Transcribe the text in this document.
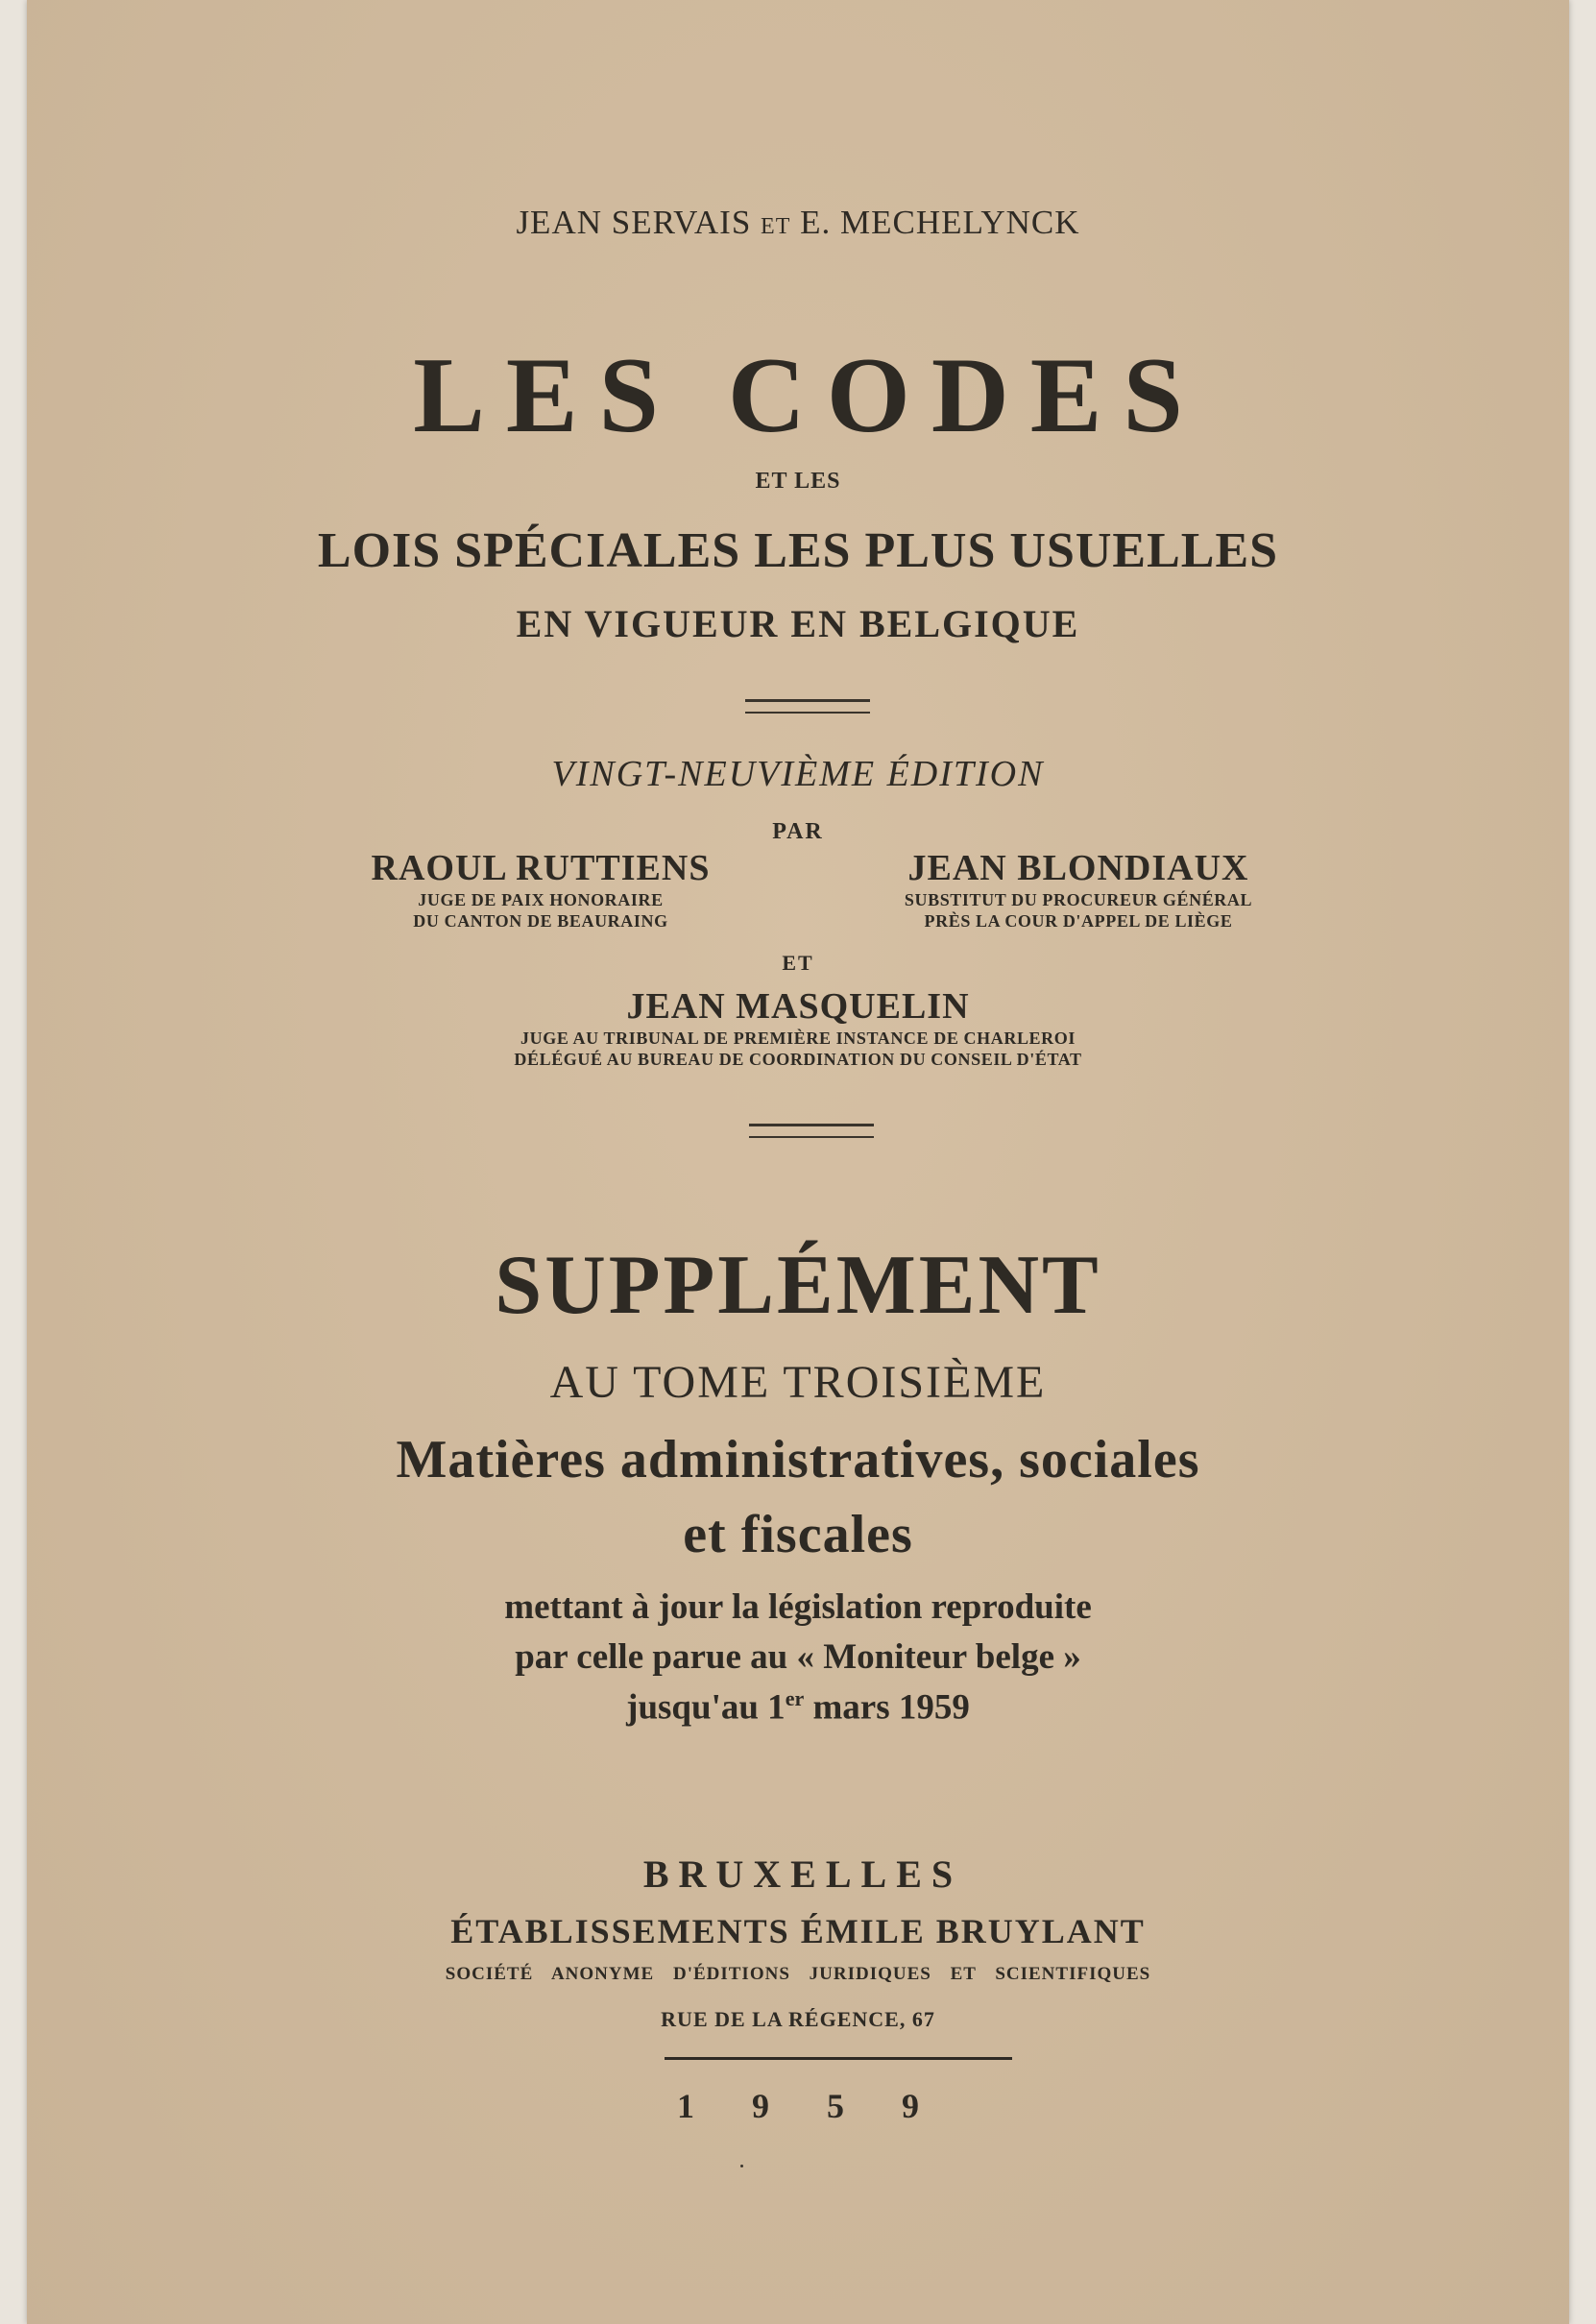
JEAN SERVAIS ET E. MECHELYNCK
LES CODES
ET LES
LOIS SPÉCIALES LES PLUS USUELLES
EN VIGUEUR EN BELGIQUE
VINGT-NEUVIÈME ÉDITION
PAR
RAOUL RUTTIENS
JUGE DE PAIX HONORAIRE
DU CANTON DE BEAURAING
JEAN BLONDIAUX
SUBSTITUT DU PROCUREUR GÉNÉRAL
PRÈS LA COUR D'APPEL DE LIÈGE
ET
JEAN MASQUELIN
JUGE AU TRIBUNAL DE PREMIÈRE INSTANCE DE CHARLEROI
DÉLÉGUÉ AU BUREAU DE COORDINATION DU CONSEIL D'ÉTAT
SUPPLÉMENT
AU TOME TROISIÈME
Matières administratives, sociales
et fiscales
mettant à jour la législation reproduite
par celle parue au « Moniteur belge »
jusqu'au 1er mars 1959
BRUXELLES
ÉTABLISSEMENTS ÉMILE BRUYLANT
SOCIÉTÉ ANONYME D'ÉDITIONS JURIDIQUES ET SCIENTIFIQUES
RUE DE LA RÉGENCE, 67
1959
